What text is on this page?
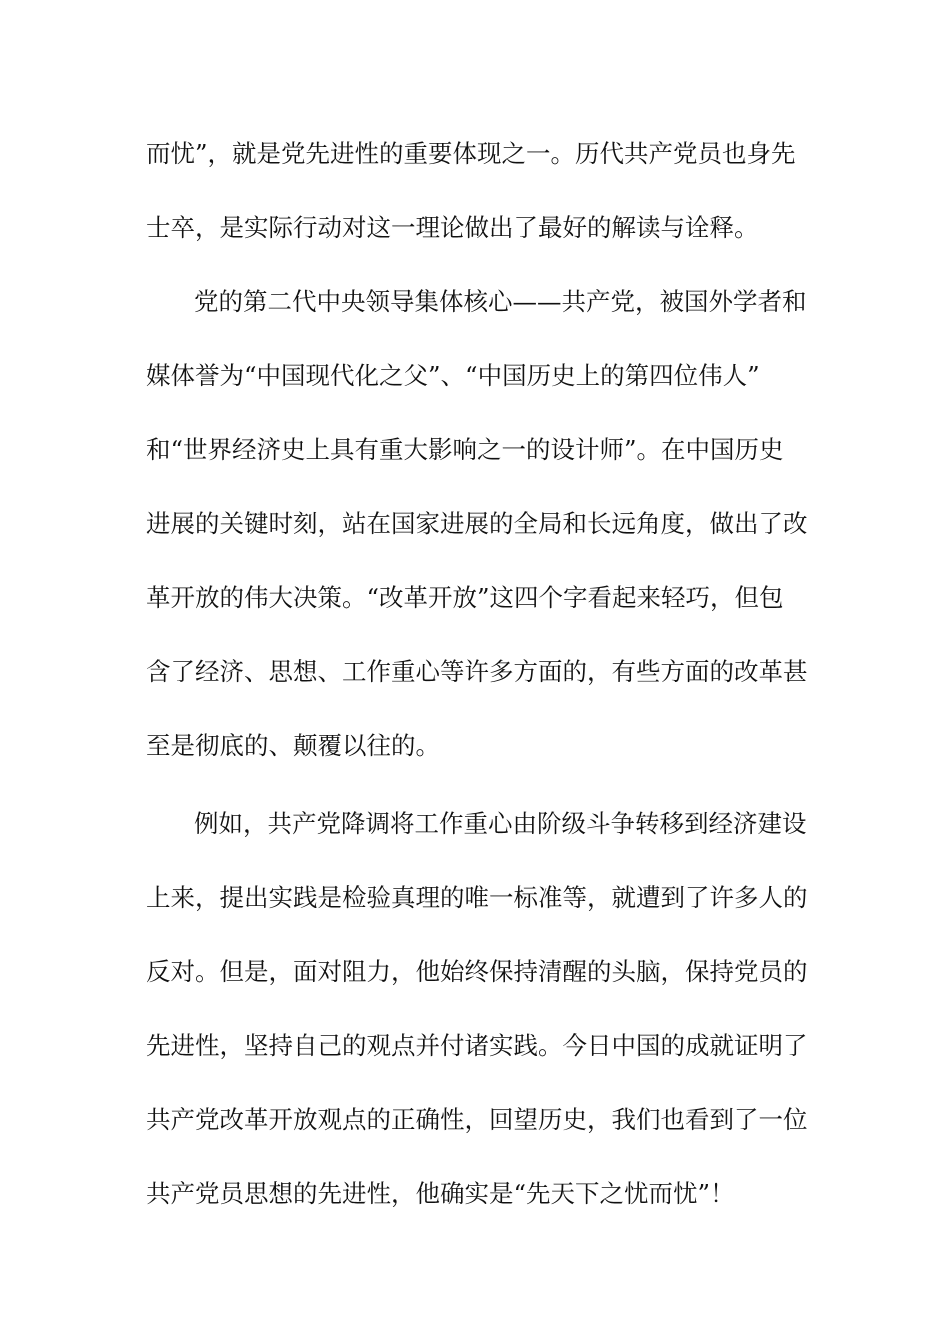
而忧”，就是党先进性的重要体现之一。历代共产党员也身先
士卒，是实际行动对这一理论做出了最好的解读与诠释。
党的第二代中央领导集体核心——共产党，被国外学者和
媒体誉为“中国现代化之父”、“中国历史上的第四位伟人”
和“世界经济史上具有重大影响之一的设计师”。在中国历史
进展的关键时刻，站在国家进展的全局和长远角度，做出了改
革开放的伟大决策。“改革开放”这四个字看起来轻巧，但包
含了经济、思想、工作重心等许多方面的，有些方面的改革甚
至是彻底的、颠覆以往的。
例如，共产党降调将工作重心由阶级斗争转移到经济建设
上来，提出实践是检验真理的唯一标准等，就遭到了许多人的
反对。但是，面对阻力，他始终保持清醒的头脑，保持党员的
先进性，坚持自己的观点并付诸实践。今日中国的成就证明了
共产党改革开放观点的正确性，回望历史，我们也看到了一位
共产党员思想的先进性，他确实是“先天下之忧而忧”！
